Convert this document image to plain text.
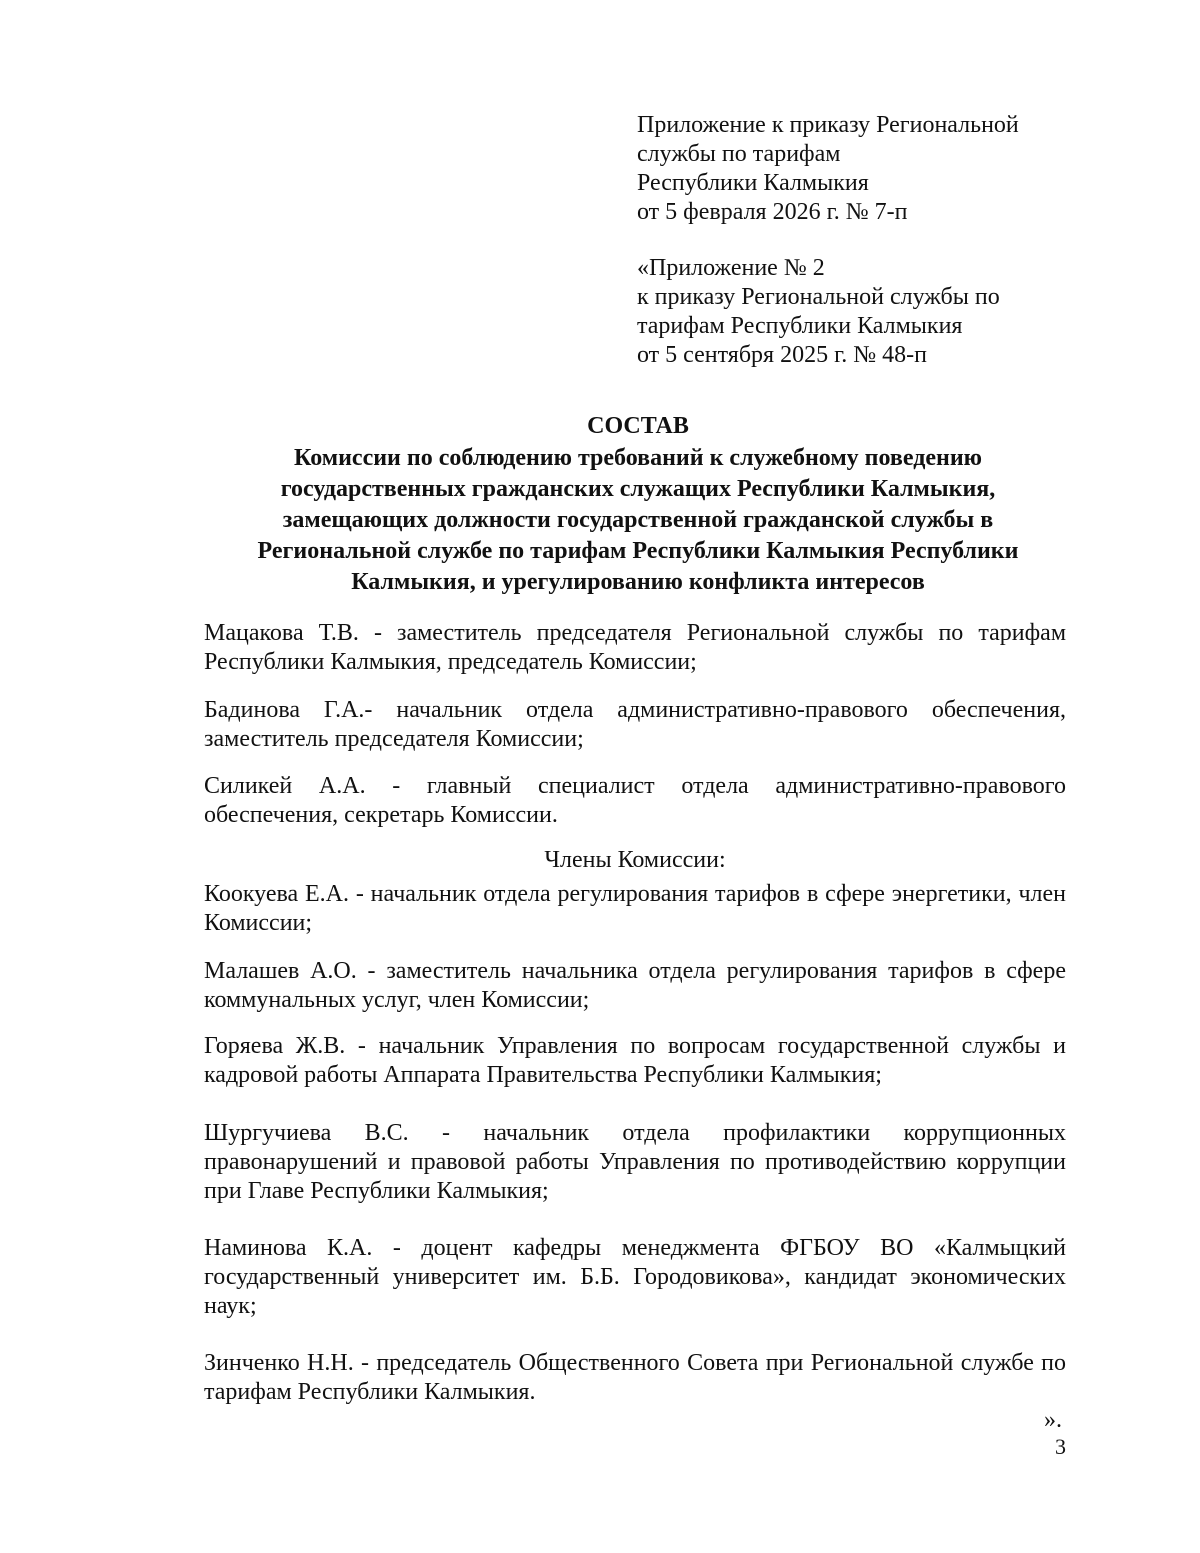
Приложение к приказу Региональной
службы по тарифам
Республики Калмыкия
от 5 февраля 2026 г. № 7-п
«Приложение № 2
к приказу Региональной службы по
тарифам Республики Калмыкия
от 5 сентября 2025 г. № 48-п
СОСТАВ
Комиссии по соблюдению требований к служебному поведению
государственных гражданских служащих Республики Калмыкия,
замещающих должности государственной гражданской службы в
Региональной службе по тарифам Республики Калмыкия Республики
Калмыкия, и урегулированию конфликта интересов
Мацакова Т.В. - заместитель председателя Региональной службы по тарифам Республики Калмыкия, председатель Комиссии;
Бадинова Г.А.- начальник отдела административно-правового обеспечения, заместитель председателя Комиссии;
Силикей А.А. - главный специалист отдела административно-правового обеспечения, секретарь Комиссии.
Члены Комиссии:
Коокуева Е.А. - начальник отдела регулирования тарифов в сфере энергетики, член Комиссии;
Малашев А.О. - заместитель начальника отдела регулирования тарифов в сфере коммунальных услуг, член Комиссии;
Горяева Ж.В. - начальник Управления по вопросам государственной службы и кадровой работы Аппарата Правительства Республики Калмыкия;
Шургучиева В.С. - начальник отдела профилактики коррупционных правонарушений и правовой работы Управления по противодействию коррупции при Главе Республики Калмыкия;
Наминова К.А. - доцент кафедры менеджмента ФГБОУ ВО «Калмыцкий государственный университет им. Б.Б. Городовикова», кандидат экономических наук;
Зинченко Н.Н. - председатель Общественного Совета при Региональной службе по тарифам Республики Калмыкия.
».
3
